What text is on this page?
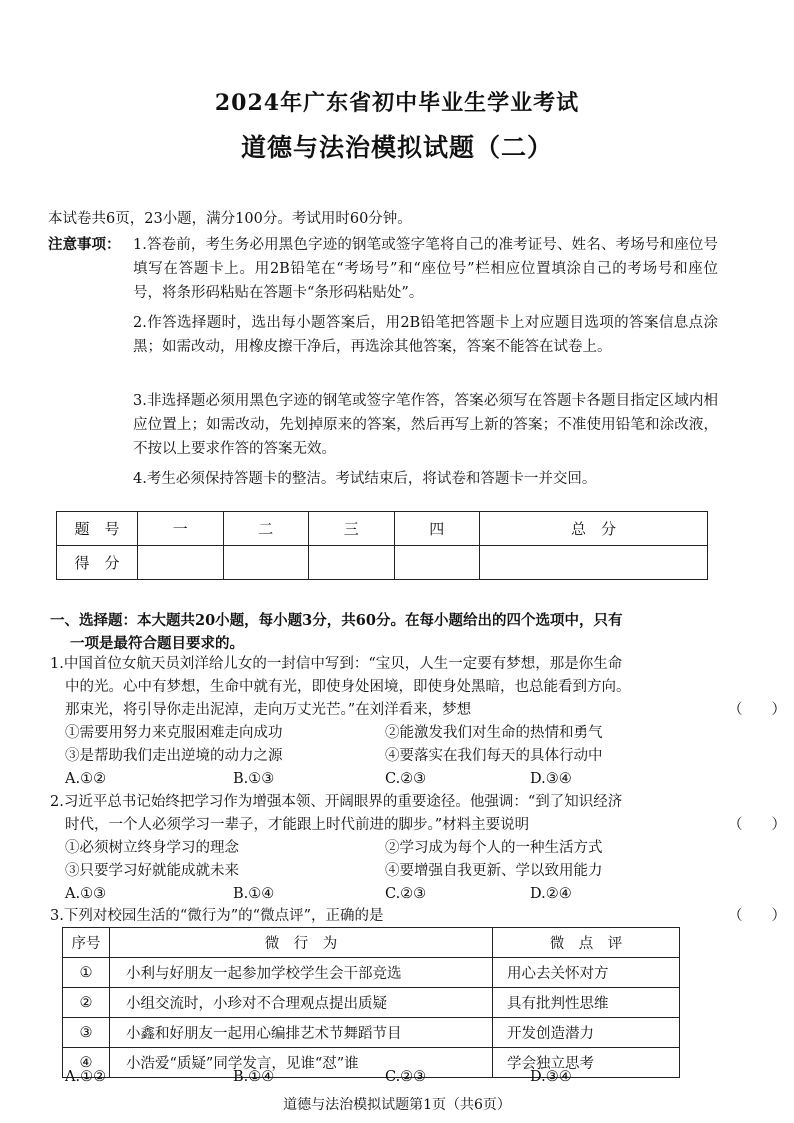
2024年广东省初中毕业生学业考试
道德与法治模拟试题（二）
本试卷共6页，23小题，满分100分。考试用时60分钟。
注意事项： 1.答卷前，考生务必用黑色字迹的钢笔或签字笔将自己的准考证号、姓名、考场号和座位号填写在答题卡上。用2B铅笔在“考场号”和“座位号”栏相应位置填涂自己的考场号和座位号，将条形码粘贴在答题卡“条形码粘贴处”。
2.作答选择题时，选出每小题答案后，用2B铅笔把答题卡上对应题目选项的答案信息点涂黑；如需改动，用橡皮擦干净后，再选涂其他答案，答案不能答在试卷上。
3.非选择题必须用黑色字迹的钢笔或签字笔作答，答案必须写在答题卡各题目指定区域内相应位置上；如需改动，先划掉原来的答案，然后再写上新的答案；不准使用铅笔和涂改液，不按以上要求作答的答案无效。
4.考生必须保持答题卡的整洁。考试结束后，将试卷和答题卡一并交回。
题　号	一	二	三	四	总　分
得　分					
一、选择题：本大题共20小题，每小题3分，共60分。在每小题给出的四个选项中，只有
一项是最符合题目要求的。
1.中国首位女航天员刘洋给儿女的一封信中写到：“宝贝，人生一定要有梦想，那是你生命
中的光。心中有梦想，生命中就有光，即使身处困境，即使身处黑暗，也总能看到方向。
那束光，将引导你走出泥淖，走向万丈光芒。”在刘洋看来，梦想	（　　）
①需要用努力来克服困难走向成功	②能激发我们对生命的热情和勇气
③是帮助我们走出逆境的动力之源	④要落实在我们每天的具体行动中
A.①②	B.①③	C.②③	D.③④
2.习近平总书记始终把学习作为增强本领、开阔眼界的重要途径。他强调：“到了知识经济
时代，一个人必须学习一辈子，才能跟上时代前进的脚步。”材料主要说明	（　　）
①必须树立终身学习的理念	②学习成为每个人的一种生活方式
③只要学习好就能成就未来	④要增强自我更新、学以致用能力
A.①③	B.①④	C.②③	D.②④
3.下列对校园生活的“微行为”的“微点评”，正确的是	（　　）
序号	微　行　为	微　点　评
①	小利与好朋友一起参加学校学生会干部竞选	用心去关怀对方
②	小组交流时，小珍对不合理观点提出质疑	具有批判性思维
③	小鑫和好朋友一起用心编排艺术节舞蹈节目	开发创造潜力
④	小浩爱“质疑”同学发言，见谁“怼”谁	学会独立思考
A.①②	B.①④	C.②③	D.③④
道德与法治模拟试题第1页（共6页）
